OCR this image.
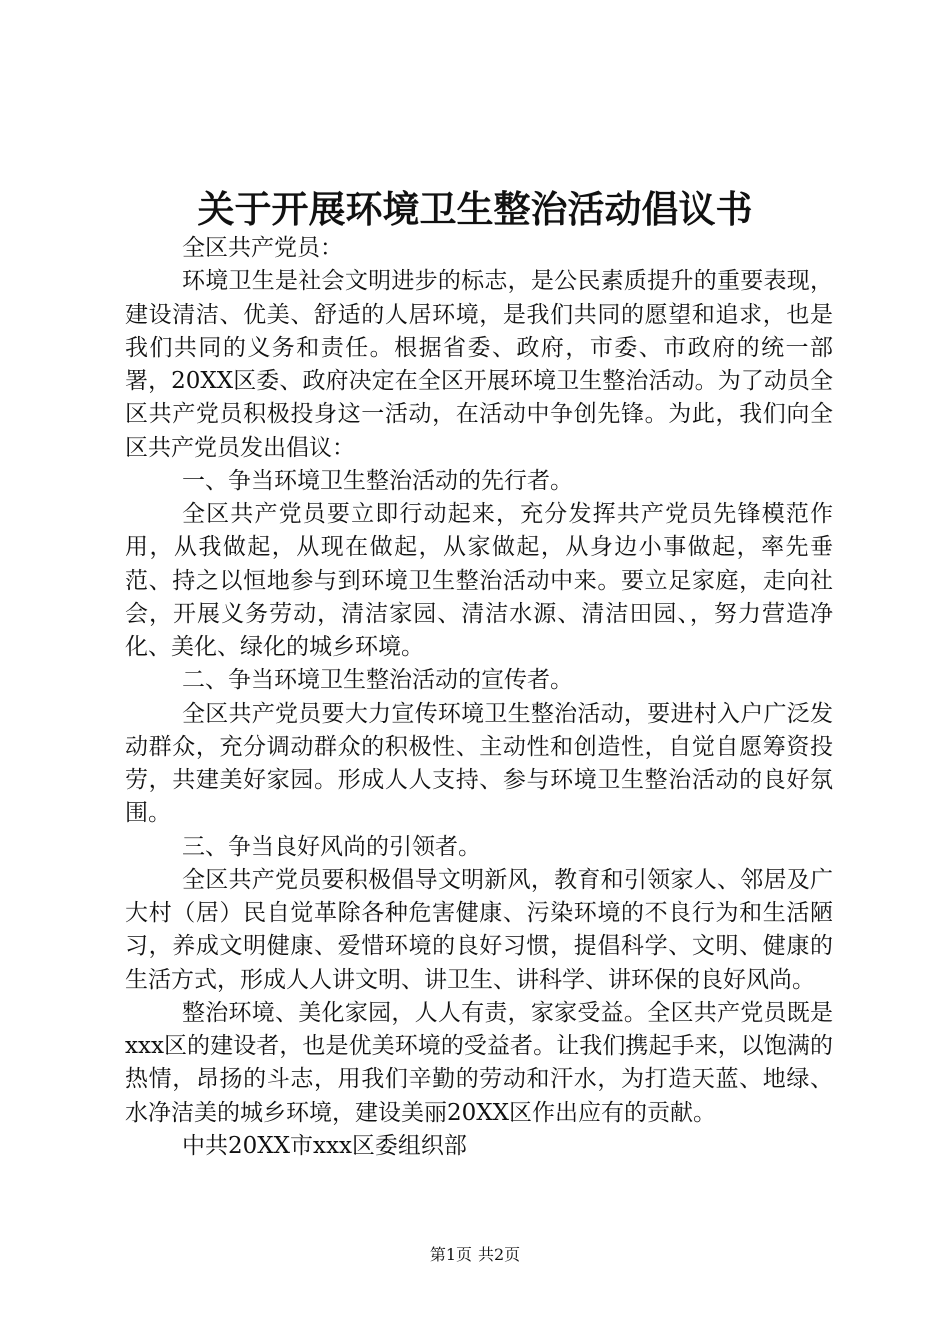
关于开展环境卫生整治活动倡议书

全区共产党员：

环境卫生是社会文明进步的标志，是公民素质提升的重要表现，建设清洁、优美、舒适的人居环境，是我们共同的愿望和追求，也是我们共同的义务和责任。根据省委、政府，市委、市政府的统一部署，20XX区委、政府决定在全区开展环境卫生整治活动。为了动员全区共产党员积极投身这一活动，在活动中争创先锋。为此，我们向全区共产党员发出倡议：

一、争当环境卫生整治活动的先行者。

全区共产党员要立即行动起来，充分发挥共产党员先锋模范作用，从我做起，从现在做起，从家做起，从身边小事做起，率先垂范、持之以恒地参与到环境卫生整治活动中来。要立足家庭，走向社会，开展义务劳动，清洁家园、清洁水源、清洁田园、，努力营造净化、美化、绿化的城乡环境。

二、争当环境卫生整治活动的宣传者。

全区共产党员要大力宣传环境卫生整治活动，要进村入户广泛发动群众，充分调动群众的积极性、主动性和创造性，自觉自愿筹资投劳，共建美好家园。形成人人支持、参与环境卫生整治活动的良好氛围。

三、争当良好风尚的引领者。

全区共产党员要积极倡导文明新风，教育和引领家人、邻居及广大村（居）民自觉革除各种危害健康、污染环境的不良行为和生活陋习，养成文明健康、爱惜环境的良好习惯，提倡科学、文明、健康的生活方式，形成人人讲文明、讲卫生、讲科学、讲环保的良好风尚。

整治环境、美化家园，人人有责，家家受益。全区共产党员既是xxx区的建设者，也是优美环境的受益者。让我们携起手来，以饱满的热情，昂扬的斗志，用我们辛勤的劳动和汗水，为打造天蓝、地绿、水净洁美的城乡环境，建设美丽20XX区作出应有的贡献。

中共20XX市xxx区委组织部

第1页 共2页
